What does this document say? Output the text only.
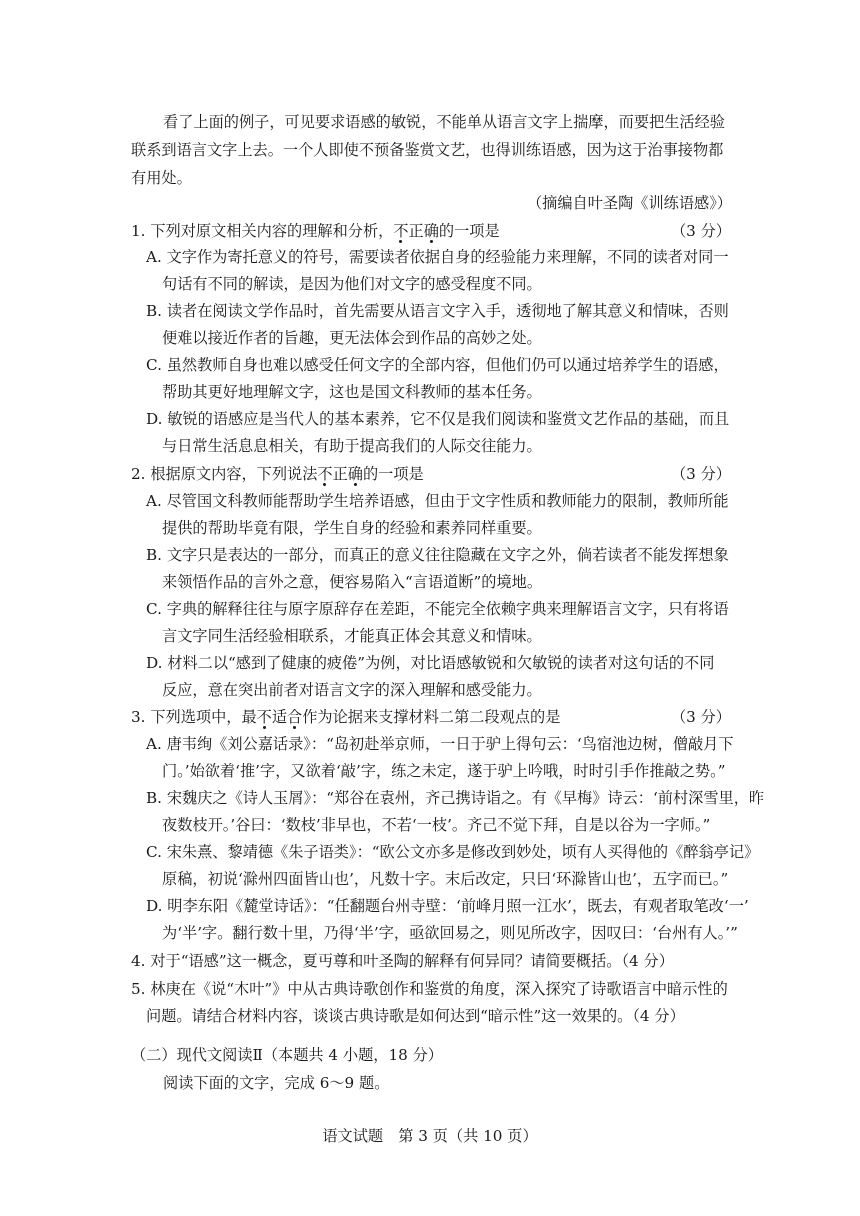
看了上面的例子，可见要求语感的敏锐，不能单从语言文字上揣摩，而要把生活经验
联系到语言文字上去。一个人即使不预备鉴赏文艺，也得训练语感，因为这于治事接物都
有用处。
（摘编自叶圣陶《训练语感》）
1. 下列对原文相关内容的理解和分析，不正确的一项是	（3 分）
A. 文字作为寄托意义的符号，需要读者依据自身的经验能力来理解，不同的读者对同一
句话有不同的解读，是因为他们对文字的感受程度不同。
B. 读者在阅读文学作品时，首先需要从语言文字入手，透彻地了解其意义和情味，否则
便难以接近作者的旨趣，更无法体会到作品的高妙之处。
C. 虽然教师自身也难以感受任何文字的全部内容，但他们仍可以通过培养学生的语感，
帮助其更好地理解文字，这也是国文科教师的基本任务。
D. 敏锐的语感应是当代人的基本素养，它不仅是我们阅读和鉴赏文艺作品的基础，而且
与日常生活息息相关，有助于提高我们的人际交往能力。
2. 根据原文内容，下列说法不正确的一项是	（3 分）
A. 尽管国文科教师能帮助学生培养语感，但由于文字性质和教师能力的限制，教师所能
提供的帮助毕竟有限，学生自身的经验和素养同样重要。
B. 文字只是表达的一部分，而真正的意义往往隐藏在文字之外，倘若读者不能发挥想象
来领悟作品的言外之意，便容易陷入“言语道断”的境地。
C. 字典的解释往往与原字原辞存在差距，不能完全依赖字典来理解语言文字，只有将语
言文字同生活经验相联系，才能真正体会其意义和情味。
D. 材料二以“感到了健康的疲倦”为例，对比语感敏锐和欠敏锐的读者对这句话的不同
反应，意在突出前者对语言文字的深入理解和感受能力。
3. 下列选项中，最不适合作为论据来支撑材料二第二段观点的是	（3 分）
A. 唐韦绚《刘公嘉话录》：“岛初赴举京师，一日于驴上得句云：‘鸟宿池边树，僧敲月下
门。’始欲着‘推’字，又欲着‘敲’字，练之未定，遂于驴上吟哦，时时引手作推敲之势。”
B. 宋魏庆之《诗人玉屑》：“郑谷在袁州，齐己携诗诣之。有《早梅》诗云：‘前村深雪里，昨
夜数枝开。’谷曰：‘数枝’非早也，不若‘一枝’。齐己不觉下拜，自是以谷为一字师。”
C. 宋朱熹、黎靖德《朱子语类》：“欧公文亦多是修改到妙处，顷有人买得他的《醉翁亭记》
原稿，初说‘滁州四面皆山也’，凡数十字。末后改定，只曰‘环滁皆山也’，五字而已。”
D. 明李东阳《麓堂诗话》：“任翻题台州寺壁：‘前峰月照一江水’，既去，有观者取笔改‘一’
为‘半’字。翻行数十里，乃得‘半’字，亟欲回易之，则见所改字，因叹曰：‘台州有人。’”
4. 对于“语感”这一概念，夏丏尊和叶圣陶的解释有何异同？请简要概括。（4 分）
5. 林庚在《说“木叶”》中从古典诗歌创作和鉴赏的角度，深入探究了诗歌语言中暗示性的
问题。请结合材料内容，谈谈古典诗歌是如何达到“暗示性”这一效果的。（4 分）
（二）现代文阅读Ⅱ（本题共 4 小题，18 分）
阅读下面的文字，完成 6～9 题。
语文试题　第 3 页（共 10 页）
